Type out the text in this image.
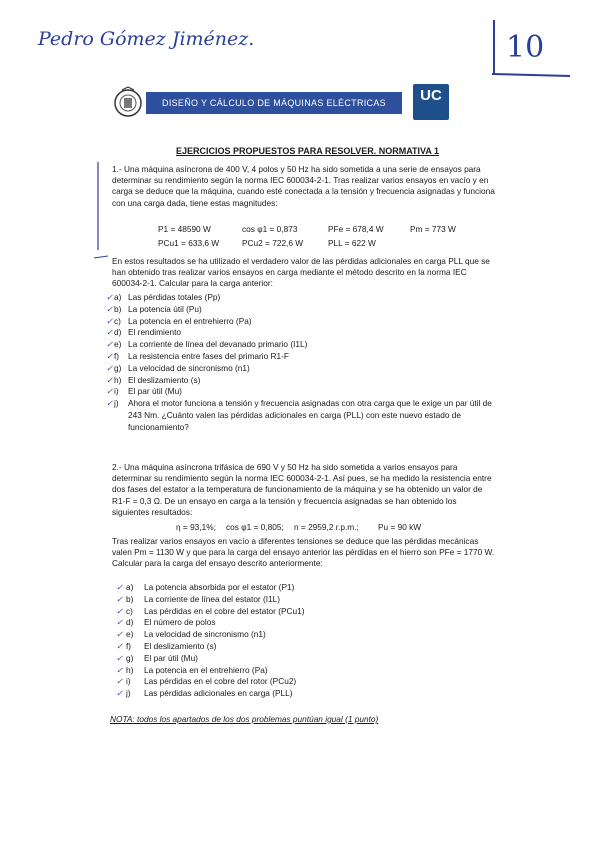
Pedro Gómez Jiménez.	10
DISEÑO Y CÁLCULO DE MÁQUINAS ELÉCTRICAS	UC
EJERCICIOS PROPUESTOS PARA RESOLVER. NORMATIVA 1
1.- Una máquina asíncrona de 400 V, 4 polos y 50 Hz ha sido sometida a una serie de ensayos para determinar su rendimiento según la norma IEC 600034-2-1. Tras realizar varios ensayos en vacío y en carga se deduce que la máquina, cuando esté conectada a la tensión y frecuencia asignadas y funciona con una carga dada, tiene estas magnitudes:
P1 = 48590 W	cos φ1 = 0,873	PFe = 678,4 W	Pm = 773 W
PCu1 = 633,6 W	PCu2 = 722,6 W	PLL = 622 W
En estos resultados se ha utilizado el verdadero valor de las pérdidas adicionales en carga PLL que se han obtenido tras realizar varios ensayos en carga mediante el método descrito en la norma IEC 600034-2-1. Calcular para la carga anterior:
✓ a) Las pérdidas totales (Pp)
✓ b) La potencia útil (Pu)
✓ c) La potencia en el entrehierro (Pa)
✓ d) El rendimiento
✓ e) La corriente de línea del devanado primario (I1L)
✓ f) La resistencia entre fases del primario R1-F
✓ g) La velocidad de sincronismo (n1)
✓ h) El deslizamiento (s)
✓ i) El par útil (Mu)
✓ j) Ahora el motor funciona a tensión y frecuencia asignadas con otra carga que le exige un par útil de 243 Nm. ¿Cuánto valen las pérdidas adicionales en carga (PLL) con este nuevo estado de funcionamiento?
2.- Una máquina asíncrona trifásica de 690 V y 50 Hz ha sido sometida a varios ensayos para determinar su rendimiento según la norma IEC 600034-2-1. Así pues, se ha medido la resistencia entre dos fases del estator a la temperatura de funcionamiento de la máquina y se ha obtenido un valor de R1-F = 0,3 Ω. De un ensayo en carga a la tensión y frecuencia asignadas se han obtenido los siguientes resultados:
η = 93,1%; cos φ1 = 0,805; n = 2959,2 r.p.m.; Pu = 90 kW
Tras realizar varios ensayos en vacío a diferentes tensiones se deduce que las pérdidas mecánicas valen Pm = 1130 W y que para la carga del ensayo anterior las pérdidas en el hierro son PFe = 1770 W. Calcular para la carga del ensayo descrito anteriormente:
✓ a) La potencia absorbida por el estator (P1)
✓ b) La corriente de línea del estator (I1L)
✓ c) Las pérdidas en el cobre del estator (PCu1)
✓ d) El número de polos
✓ e) La velocidad de sincronismo (n1)
✓ f) El deslizamiento (s)
✓ g) El par útil (Mu)
✓ h) La potencia en el entrehierro (Pa)
✓ i) Las pérdidas en el cobre del rotor (PCu2)
✓ j) Las pérdidas adicionales en carga (PLL)
NOTA: todos los apartados de los dos problemas puntúan igual (1 punto)
